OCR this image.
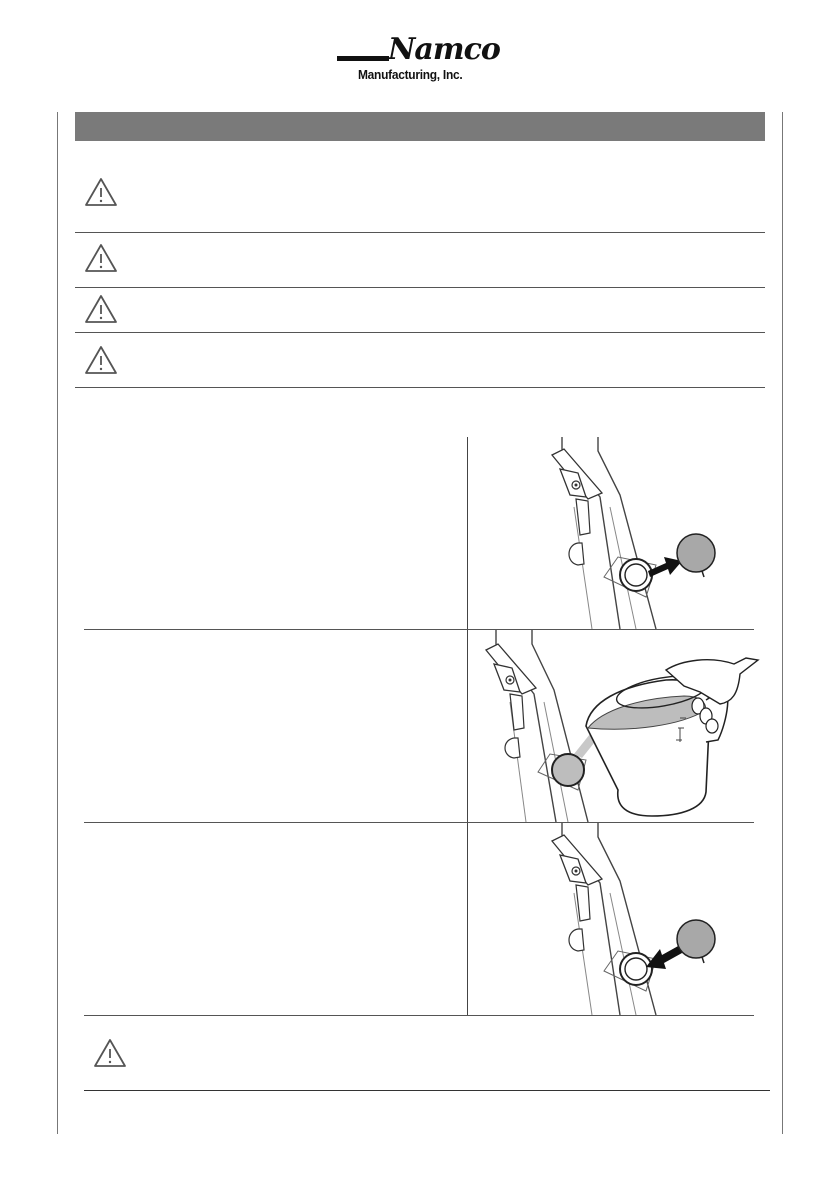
Namco
Manufacturing, Inc.
